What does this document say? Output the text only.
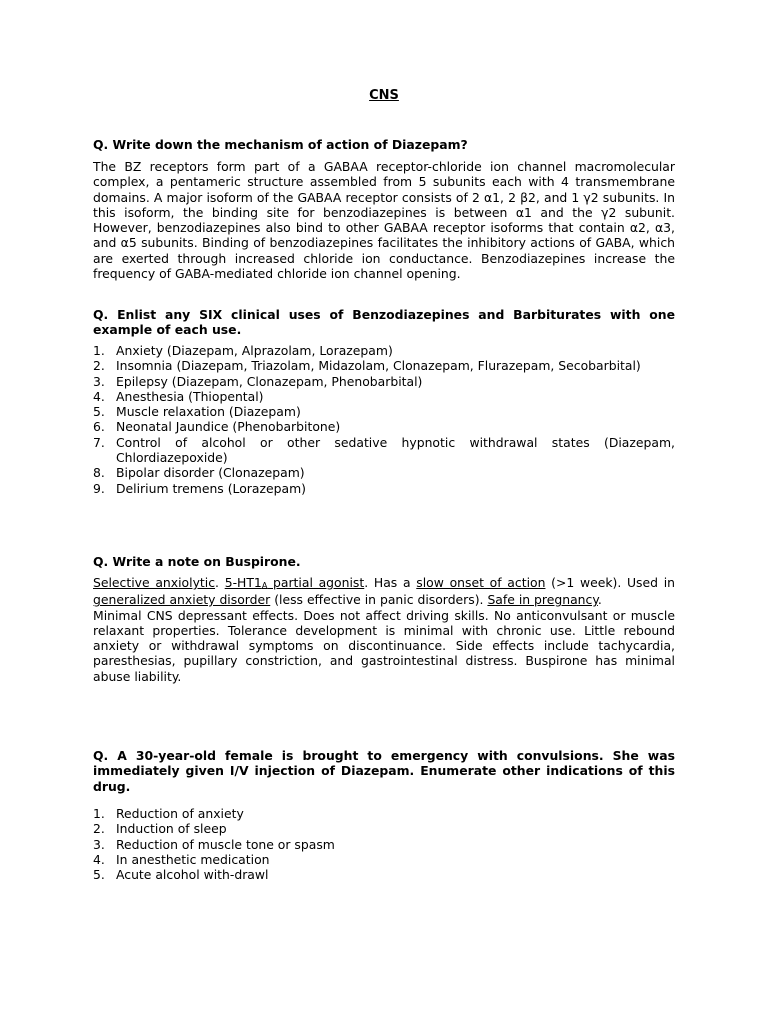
CNS
Q. Write down the mechanism of action of Diazepam?
The BZ receptors form part of a GABAA receptor-chloride ion channel macromolecular complex, a pentameric structure assembled from 5 subunits each with 4 transmembrane domains. A major isoform of the GABAA receptor consists of 2 α1, 2 β2, and 1 γ2 subunits. In this isoform, the binding site for benzodiazepines is between α1 and the γ2 subunit. However, benzodiazepines also bind to other GABAA receptor isoforms that contain α2, α3, and α5 subunits. Binding of benzodiazepines facilitates the inhibitory actions of GABA, which are exerted through increased chloride ion conductance. Benzodiazepines increase the frequency of GABA-mediated chloride ion channel opening.
Q. Enlist any SIX clinical uses of Benzodiazepines and Barbiturates with one example of each use.
1. Anxiety (Diazepam, Alprazolam, Lorazepam)
2. Insomnia (Diazepam, Triazolam, Midazolam, Clonazepam, Flurazepam, Secobarbital)
3. Epilepsy (Diazepam, Clonazepam, Phenobarbital)
4. Anesthesia (Thiopental)
5. Muscle relaxation (Diazepam)
6. Neonatal Jaundice (Phenobarbitone)
7. Control of alcohol or other sedative hypnotic withdrawal states (Diazepam, Chlordiazepoxide)
8. Bipolar disorder (Clonazepam)
9. Delirium tremens (Lorazepam)
Q. Write a note on Buspirone.
Selective anxiolytic. $5-HT1_A$ partial agonist. Has a slow onset of action (>1 week). Used in generalized anxiety disorder (less effective in panic disorders). Safe in pregnancy.
Minimal CNS depressant effects. Does not affect driving skills. No anticonvulsant or muscle relaxant properties. Tolerance development is minimal with chronic use. Little rebound anxiety or withdrawal symptoms on discontinuance. Side effects include tachycardia, paresthesias, pupillary constriction, and gastrointestinal distress. Buspirone has minimal abuse liability.
Q. A 30-year-old female is brought to emergency with convulsions. She was immediately given I/V injection of Diazepam. Enumerate other indications of this drug.
1. Reduction of anxiety
2. Induction of sleep
3. Reduction of muscle tone or spasm
4. In anesthetic medication
5. Acute alcohol with-drawl
